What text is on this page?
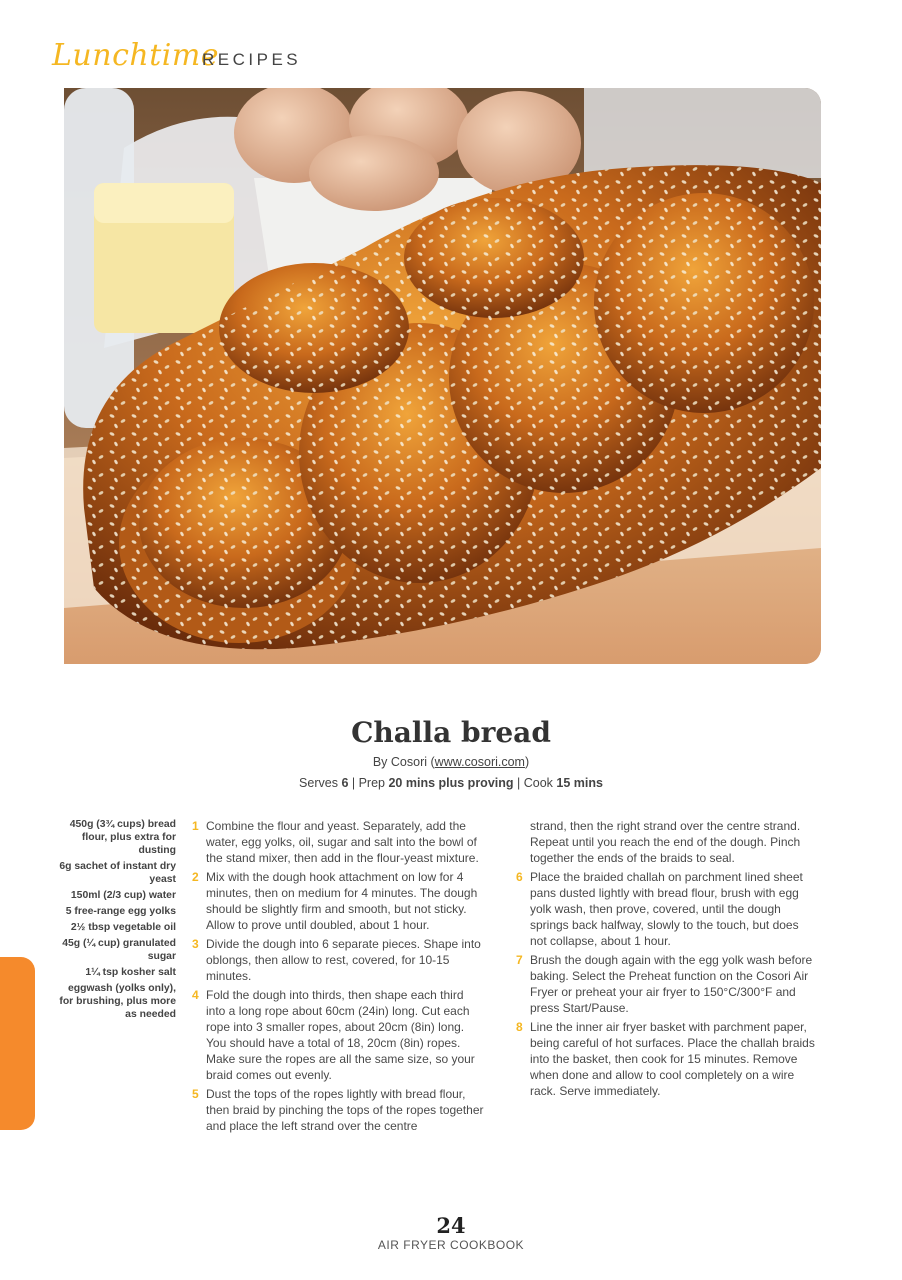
Lunchtime
RECIPES
Challa bread
By Cosori (www.cosori.com)
Serves 6 | Prep 20 mins plus proving | Cook 15 mins
450g (3¾ cups) bread flour, plus extra for dusting
6g sachet of instant dry yeast
150ml (2/3 cup) water
5 free-range egg yolks
2½ tbsp vegetable oil
45g (¼ cup) granulated sugar
1¼ tsp kosher salt
eggwash (yolks only), for brushing, plus more as needed
1 Combine the flour and yeast. Separately, add the water, egg yolks, oil, sugar and salt into the bowl of the stand mixer, then add in the flour-yeast mixture.
2 Mix with the dough hook attachment on low for 4 minutes, then on medium for 4 minutes. The dough should be slightly firm and smooth, but not sticky. Allow to prove until doubled, about 1 hour.
3 Divide the dough into 6 separate pieces. Shape into oblongs, then allow to rest, covered, for 10-15 minutes.
4 Fold the dough into thirds, then shape each third into a long rope about 60cm (24in) long. Cut each rope into 3 smaller ropes, about 20cm (8in) long. You should have a total of 18, 20cm (8in) ropes. Make sure the ropes are all the same size, so your braid comes out evenly.
5 Dust the tops of the ropes lightly with bread flour, then braid by pinching the tops of the ropes together and place the left strand over the centre
strand, then the right strand over the centre strand. Repeat until you reach the end of the dough. Pinch together the ends of the braids to seal.
6 Place the braided challah on parchment lined sheet pans dusted lightly with bread flour, brush with egg yolk wash, then prove, covered, until the dough springs back halfway, slowly to the touch, but does not collapse, about 1 hour.
7 Brush the dough again with the egg yolk wash before baking. Select the Preheat function on the Cosori Air Fryer or preheat your air fryer to 150°C/300°F and press Start/Pause.
8 Line the inner air fryer basket with parchment paper, being careful of hot surfaces. Place the challah braids into the basket, then cook for 15 minutes. Remove when done and allow to cool completely on a wire rack. Serve immediately.
24
AIR FRYER COOKBOOK
